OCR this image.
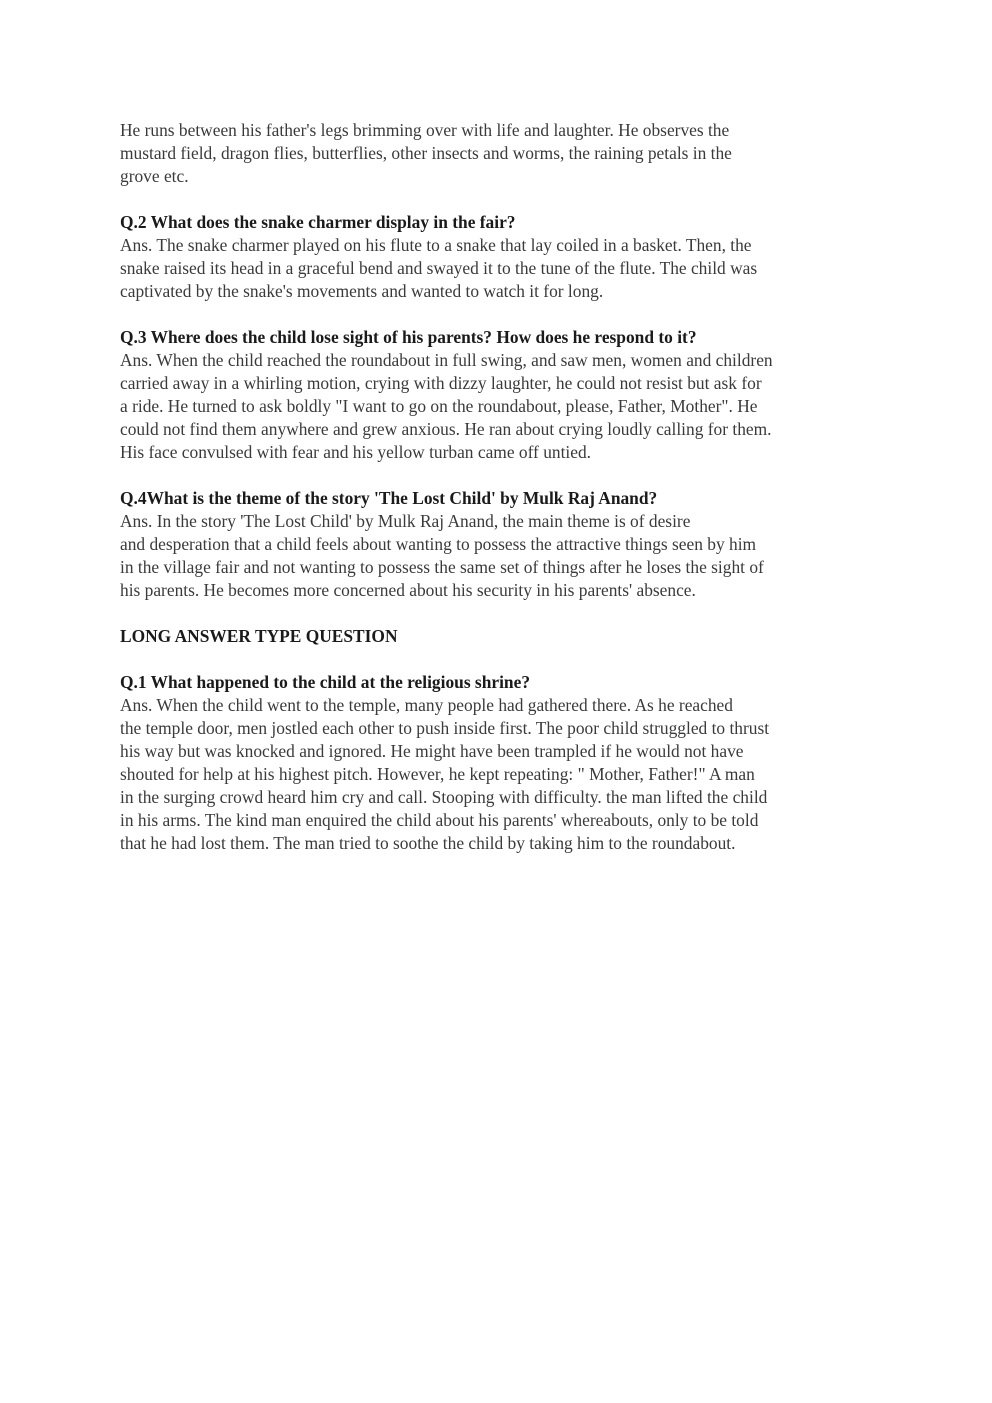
He runs between his father's legs brimming over with life and laughter. He observes the
mustard field, dragon flies, butterflies, other insects and worms, the raining petals in the
grove etc.
Q.2 What does the snake charmer display in the fair?
Ans. The snake charmer played on his flute to a snake that lay coiled in a basket. Then, the
snake raised its head in a graceful bend and swayed it to the tune of the flute. The child was
captivated by the snake's movements and wanted to watch it for long.
Q.3 Where does the child lose sight of his parents? How does he respond to it?
Ans. When the child reached the roundabout in full swing, and saw men, women and children
carried away in a whirling motion, crying with dizzy laughter, he could not resist but ask for
a ride. He turned to ask boldly "I want to go on the roundabout, please, Father, Mother". He
could not find them anywhere and grew anxious. He ran about crying loudly calling for them.
His face convulsed with fear and his yellow turban came off untied.
Q.4What is the theme of the story 'The Lost Child' by Mulk Raj Anand?
Ans. In the story 'The Lost Child' by Mulk Raj Anand, the main theme is of desire
and desperation that a child feels about wanting to possess the attractive things seen by him
in the village fair and not wanting to possess the same set of things after he loses the sight of
his parents. He becomes more concerned about his security in his parents' absence.
LONG ANSWER TYPE QUESTION
Q.1 What happened to the child at the religious shrine?
Ans. When the child went to the temple, many people had gathered there. As he reached
the temple door, men jostled each other to push inside first. The poor child struggled to thrust
his way but was knocked and ignored. He might have been trampled if he would not have
shouted for help at his highest pitch. However, he kept repeating: " Mother, Father!" A man
in the surging crowd heard him cry and call. Stooping with difficulty. the man lifted the child
in his arms. The kind man enquired the child about his parents' whereabouts, only to be told
that he had lost them. The man tried to soothe the child by taking him to the roundabout.
